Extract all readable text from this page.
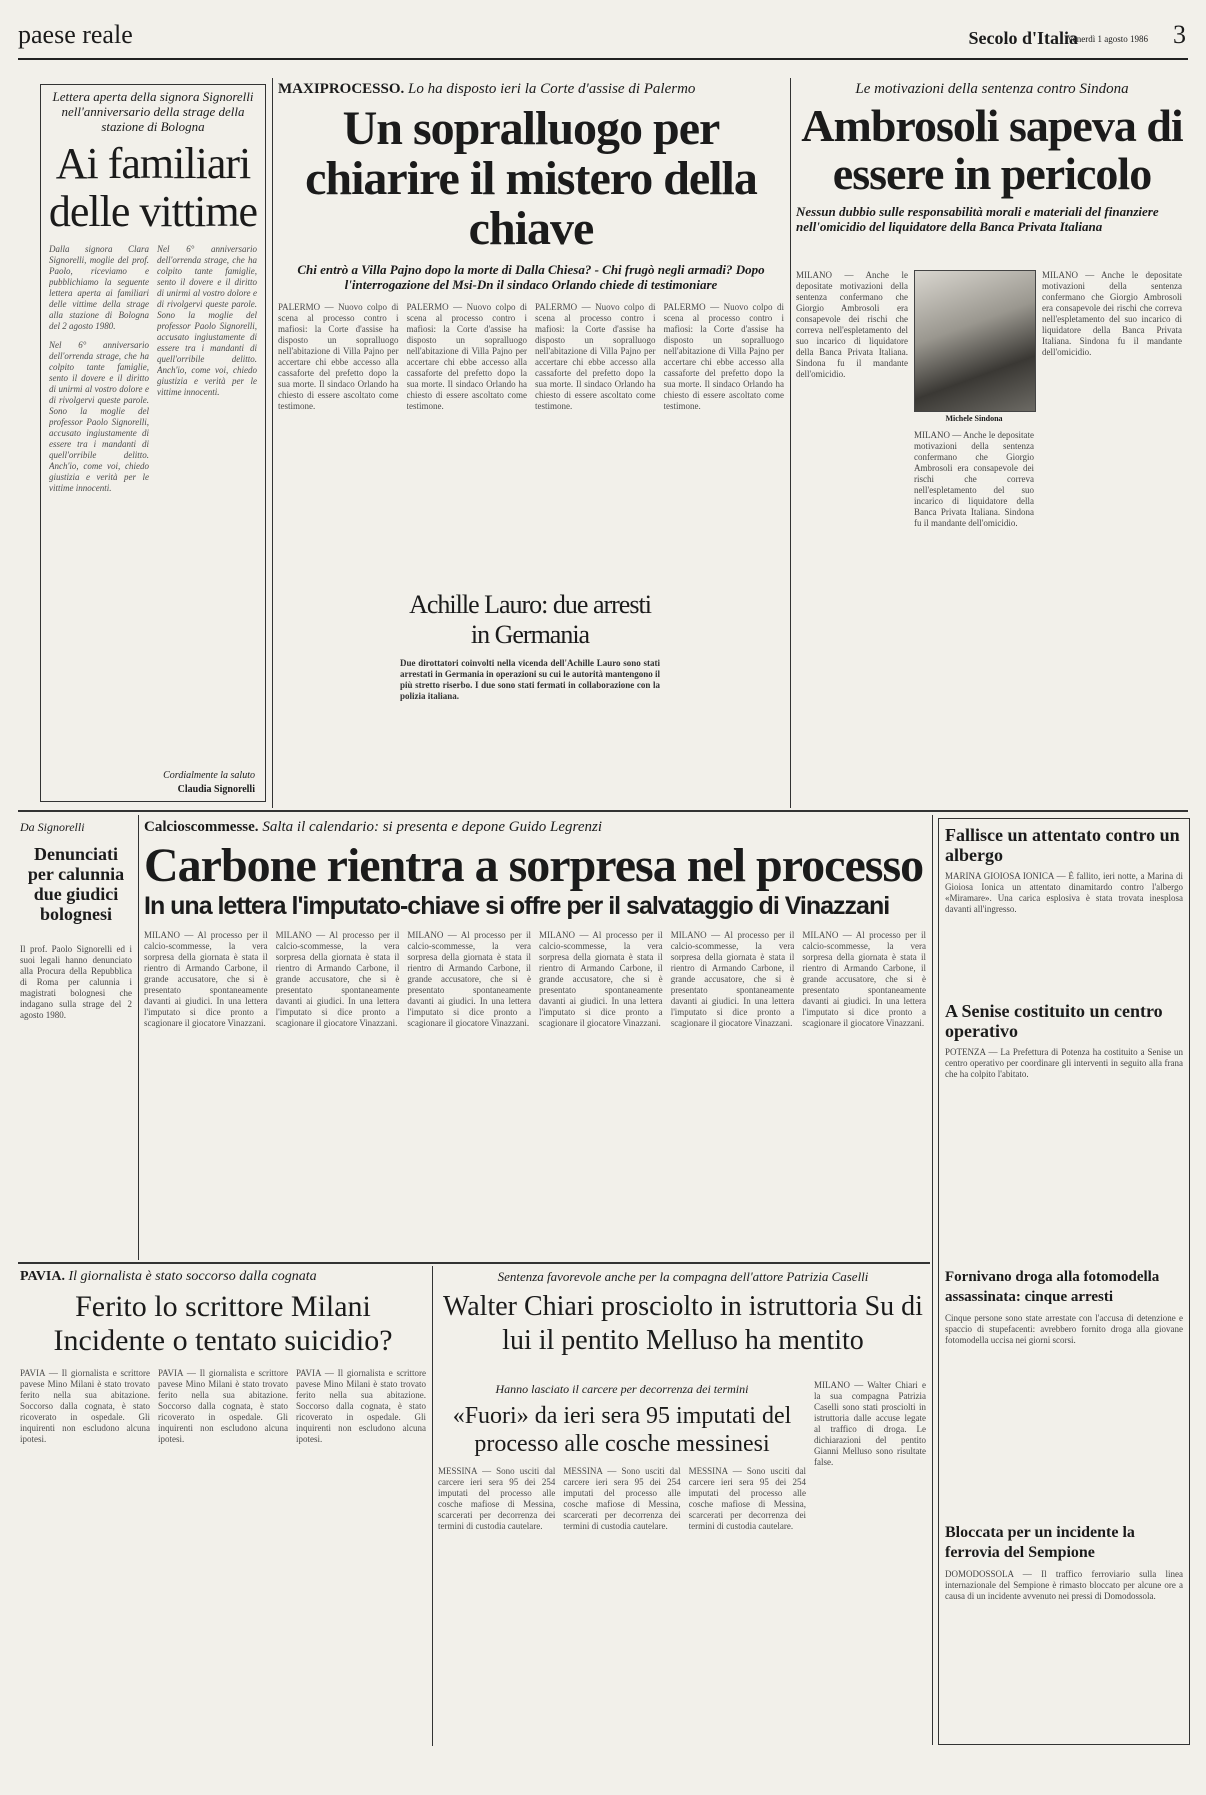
paese reale	Secolo d'Italia
Venerdì 1 agosto 1986 3
Lettera aperta della signora Signorelli nell'anniversario della strage della stazione di Bologna
Ai familiari delle vittime
Dalla signora Clara Signorelli, moglie del prof. Paolo, riceviamo e pubblichiamo la seguente lettera aperta ai familiari delle vittime della strage alla stazione di Bologna del 2 agosto 1980.
Nel 6° anniversario dell'orrenda strage, che ha colpito tante famiglie, sento il dovere e il diritto di unirmi al vostro dolore e di rivolgervi queste parole. Sono la moglie del professor Paolo Signorelli, accusato ingiustamente di essere tra i mandanti di quell'orribile delitto. Anch'io, come voi, chiedo giustizia e verità per le vittime innocenti.
Nel 6° anniversario dell'orrenda strage, che ha colpito tante famiglie, sento il dovere e il diritto di unirmi al vostro dolore e di rivolgervi queste parole. Sono la moglie del professor Paolo Signorelli, accusato ingiustamente di essere tra i mandanti di quell'orribile delitto. Anch'io, come voi, chiedo giustizia e verità per le vittime innocenti.
Cordialmente la saluto
Claudia Signorelli
MAXIPROCESSO. Lo ha disposto ieri la Corte d'assise di Palermo
Un sopralluogo per chiarire il mistero della chiave
Chi entrò a Villa Pajno dopo la morte di Dalla Chiesa? - Chi frugò negli armadi? Dopo l'interrogazione del Msi-Dn il sindaco Orlando chiede di testimoniare
PALERMO — Nuovo colpo di scena al processo contro i mafiosi: la Corte d'assise ha disposto un sopralluogo nell'abitazione di Villa Pajno per accertare chi ebbe accesso alla cassaforte del prefetto dopo la sua morte. Il sindaco Orlando ha chiesto di essere ascoltato come testimone.
PALERMO — Nuovo colpo di scena al processo contro i mafiosi: la Corte d'assise ha disposto un sopralluogo nell'abitazione di Villa Pajno per accertare chi ebbe accesso alla cassaforte del prefetto dopo la sua morte. Il sindaco Orlando ha chiesto di essere ascoltato come testimone.
PALERMO — Nuovo colpo di scena al processo contro i mafiosi: la Corte d'assise ha disposto un sopralluogo nell'abitazione di Villa Pajno per accertare chi ebbe accesso alla cassaforte del prefetto dopo la sua morte. Il sindaco Orlando ha chiesto di essere ascoltato come testimone.
PALERMO — Nuovo colpo di scena al processo contro i mafiosi: la Corte d'assise ha disposto un sopralluogo nell'abitazione di Villa Pajno per accertare chi ebbe accesso alla cassaforte del prefetto dopo la sua morte. Il sindaco Orlando ha chiesto di essere ascoltato come testimone.
Achille Lauro: due arresti in Germania
Due dirottatori coinvolti nella vicenda dell'Achille Lauro sono stati arrestati in Germania in operazioni su cui le autorità mantengono il più stretto riserbo. I due sono stati fermati in collaborazione con la polizia italiana.
Le motivazioni della sentenza contro Sindona
Ambrosoli sapeva di essere in pericolo
Nessun dubbio sulle responsabilità morali e materiali del finanziere nell'omicidio del liquidatore della Banca Privata Italiana
Michele Sindona
MILANO — Anche le depositate motivazioni della sentenza confermano che Giorgio Ambrosoli era consapevole dei rischi che correva nell'espletamento del suo incarico di liquidatore della Banca Privata Italiana. Sindona fu il mandante dell'omicidio.
MILANO — Anche le depositate motivazioni della sentenza confermano che Giorgio Ambrosoli era consapevole dei rischi che correva nell'espletamento del suo incarico di liquidatore della Banca Privata Italiana. Sindona fu il mandante dell'omicidio.
MILANO — Anche le depositate motivazioni della sentenza confermano che Giorgio Ambrosoli era consapevole dei rischi che correva nell'espletamento del suo incarico di liquidatore della Banca Privata Italiana. Sindona fu il mandante dell'omicidio.
Da Signorelli
Denunciati per calunnia due giudici bolognesi
Il prof. Paolo Signorelli ed i suoi legali hanno denunciato alla Procura della Repubblica di Roma per calunnia i magistrati bolognesi che indagano sulla strage del 2 agosto 1980.
Calcioscommesse. Salta il calendario: si presenta e depone Guido Legrenzi
Carbone rientra a sorpresa nel processo
In una lettera l'imputato-chiave si offre per il salvataggio di Vinazzani
MILANO — Al processo per il calcio-scommesse, la vera sorpresa della giornata è stata il rientro di Armando Carbone, il grande accusatore, che si è presentato spontaneamente davanti ai giudici. In una lettera l'imputato si dice pronto a scagionare il giocatore Vinazzani.
MILANO — Al processo per il calcio-scommesse, la vera sorpresa della giornata è stata il rientro di Armando Carbone, il grande accusatore, che si è presentato spontaneamente davanti ai giudici. In una lettera l'imputato si dice pronto a scagionare il giocatore Vinazzani.
MILANO — Al processo per il calcio-scommesse, la vera sorpresa della giornata è stata il rientro di Armando Carbone, il grande accusatore, che si è presentato spontaneamente davanti ai giudici. In una lettera l'imputato si dice pronto a scagionare il giocatore Vinazzani.
MILANO — Al processo per il calcio-scommesse, la vera sorpresa della giornata è stata il rientro di Armando Carbone, il grande accusatore, che si è presentato spontaneamente davanti ai giudici. In una lettera l'imputato si dice pronto a scagionare il giocatore Vinazzani.
MILANO — Al processo per il calcio-scommesse, la vera sorpresa della giornata è stata il rientro di Armando Carbone, il grande accusatore, che si è presentato spontaneamente davanti ai giudici. In una lettera l'imputato si dice pronto a scagionare il giocatore Vinazzani.
MILANO — Al processo per il calcio-scommesse, la vera sorpresa della giornata è stata il rientro di Armando Carbone, il grande accusatore, che si è presentato spontaneamente davanti ai giudici. In una lettera l'imputato si dice pronto a scagionare il giocatore Vinazzani.
Fallisce un attentato contro un albergo
MARINA GIOIOSA IONICA — È fallito, ieri notte, a Marina di Gioiosa Ionica un attentato dinamitardo contro l'albergo «Miramare». Una carica esplosiva è stata trovata inesplosa davanti all'ingresso.
A Senise costituito un centro operativo
POTENZA — La Prefettura di Potenza ha costituito a Senise un centro operativo per coordinare gli interventi in seguito alla frana che ha colpito l'abitato.
Fornivano droga alla fotomodella assassinata: cinque arresti
Cinque persone sono state arrestate con l'accusa di detenzione e spaccio di stupefacenti: avrebbero fornito droga alla giovane fotomodella uccisa nei giorni scorsi.
Bloccata per un incidente la ferrovia del Sempione
DOMODOSSOLA — Il traffico ferroviario sulla linea internazionale del Sempione è rimasto bloccato per alcune ore a causa di un incidente avvenuto nei pressi di Domodossola.
PAVIA. Il giornalista è stato soccorso dalla cognata
Ferito lo scrittore Milani Incidente o tentato suicidio?
PAVIA — Il giornalista e scrittore pavese Mino Milani è stato trovato ferito nella sua abitazione. Soccorso dalla cognata, è stato ricoverato in ospedale. Gli inquirenti non escludono alcuna ipotesi.
PAVIA — Il giornalista e scrittore pavese Mino Milani è stato trovato ferito nella sua abitazione. Soccorso dalla cognata, è stato ricoverato in ospedale. Gli inquirenti non escludono alcuna ipotesi.
PAVIA — Il giornalista e scrittore pavese Mino Milani è stato trovato ferito nella sua abitazione. Soccorso dalla cognata, è stato ricoverato in ospedale. Gli inquirenti non escludono alcuna ipotesi.
Sentenza favorevole anche per la compagna dell'attore Patrizia Caselli
Walter Chiari prosciolto in istruttoria Su di lui il pentito Melluso ha mentito
MILANO — Walter Chiari e la sua compagna Patrizia Caselli sono stati prosciolti in istruttoria dalle accuse legate al traffico di droga. Le dichiarazioni del pentito Gianni Melluso sono risultate false.
Hanno lasciato il carcere per decorrenza dei termini
«Fuori» da ieri sera 95 imputati del processo alle cosche messinesi
MESSINA — Sono usciti dal carcere ieri sera 95 dei 254 imputati del processo alle cosche mafiose di Messina, scarcerati per decorrenza dei termini di custodia cautelare.
MESSINA — Sono usciti dal carcere ieri sera 95 dei 254 imputati del processo alle cosche mafiose di Messina, scarcerati per decorrenza dei termini di custodia cautelare.
MESSINA — Sono usciti dal carcere ieri sera 95 dei 254 imputati del processo alle cosche mafiose di Messina, scarcerati per decorrenza dei termini di custodia cautelare.
